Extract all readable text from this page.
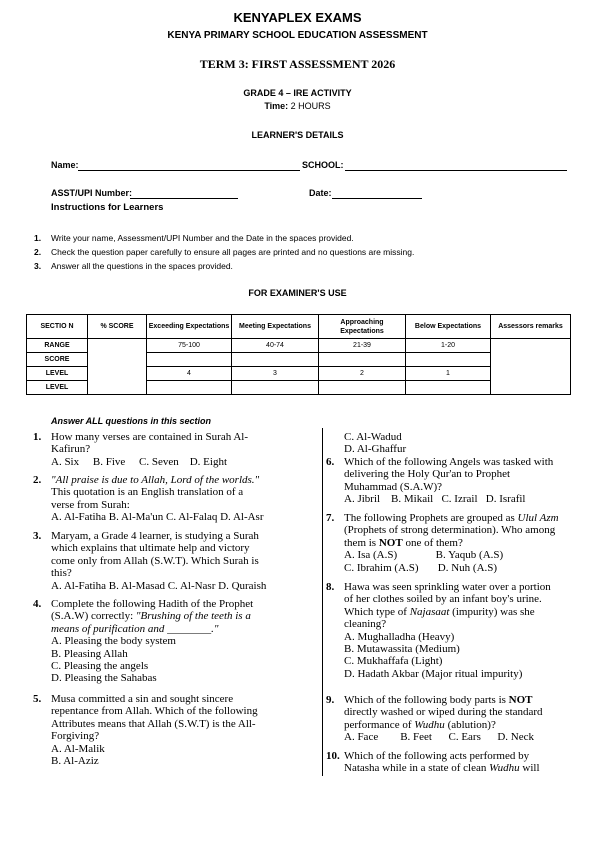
KENYAPLEX EXAMS
KENYA PRIMARY SCHOOL EDUCATION ASSESSMENT
TERM 3: FIRST ASSESSMENT 2026
GRADE 4 – IRE ACTIVITY
Time: 2 HOURS
LEARNER'S DETAILS
Name:	SCHOOL:
ASST/UPI Number:	Date:
Instructions for Learners
1. Write your name, Assessment/UPI Number and the Date in the spaces provided.
2. Check the question paper carefully to ensure all pages are printed and no questions are missing.
3. Answer all the questions in the spaces provided.
FOR EXAMINER'S USE
SECTIO N	% SCORE	Exceeding Expectations	Meeting Expectations	Approaching Expectations	Below Expectations	Assessors remarks
RANGE		75-100	40-74	21-39	1-20	
SCORE						
LEVEL		4	3	2	1	
LEVEL						
Answer ALL questions in this section
1. How many verses are contained in Surah Al-
Kafirun?
A. Six     B. Five     C. Seven    D. Eight
2. "All praise is due to Allah, Lord of the worlds."
This quotation is an English translation of a
verse from Surah:
A. Al-Fatiha B. Al-Ma'un C. Al-Falaq D. Al-Asr
3. Maryam, a Grade 4 learner, is studying a Surah
which explains that ultimate help and victory
come only from Allah (S.W.T). Which Surah is
this?
A. Al-Fatiha B. Al-Masad C. Al-Nasr D. Quraish
4. Complete the following Hadith of the Prophet
(S.A.W) correctly: "Brushing of the teeth is a
means of purification and ________."
A. Pleasing the body system
B. Pleasing Allah
C. Pleasing the angels
D. Pleasing the Sahabas
5. Musa committed a sin and sought sincere
repentance from Allah. Which of the following
Attributes means that Allah (S.W.T) is the All-
Forgiving?
A. Al-Malik
B. Al-Aziz
C. Al-Wadud
D. Al-Ghaffur
6. Which of the following Angels was tasked with
delivering the Holy Qur'an to Prophet
Muhammad (S.A.W)?
A. Jibril    B. Mikail   C. Izrail   D. Israfil
7. The following Prophets are grouped as Ulul Azm
(Prophets of strong determination). Who among
them is NOT one of them?
A. Isa (A.S)              B. Yaqub (A.S)
C. Ibrahim (A.S)       D. Nuh (A.S)
8. Hawa was seen sprinkling water over a portion
of her clothes soiled by an infant boy's urine.
Which type of Najasaat (impurity) was she
cleaning?
A. Mughalladha (Heavy)
B. Mutawassita (Medium)
C. Mukhaffafa (Light)
D. Hadath Akbar (Major ritual impurity)
9. Which of the following body parts is NOT
directly washed or wiped during the standard
performance of Wudhu (ablution)?
A. Face        B. Feet      C. Ears      D. Neck
10. Which of the following acts performed by
Natasha while in a state of clean Wudhu will
